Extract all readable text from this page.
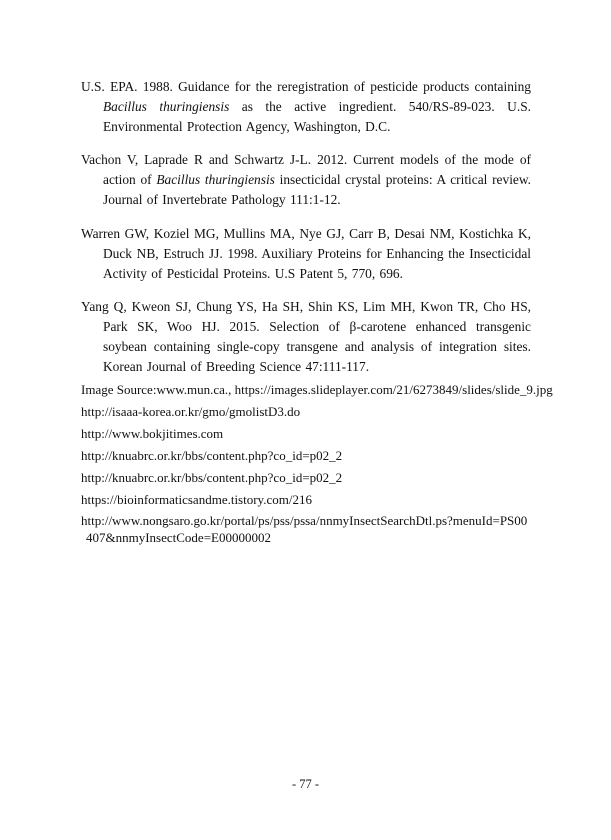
U.S. EPA. 1988. Guidance for the reregistration of pesticide products containing Bacillus thuringiensis as the active ingredient. 540/RS-89-023. U.S. Environmental Protection Agency, Washington, D.C.

Vachon V, Laprade R and Schwartz J-L. 2012. Current models of the mode of action of Bacillus thuringiensis insecticidal crystal proteins: A critical review. Journal of Invertebrate Pathology 111:1-12.

Warren GW, Koziel MG, Mullins MA, Nye GJ, Carr B, Desai NM, Kostichka K, Duck NB, Estruch JJ. 1998. Auxiliary Proteins for Enhancing the Insecticidal Activity of Pesticidal Proteins. U.S Patent 5, 770, 696.

Yang Q, Kweon SJ, Chung YS, Ha SH, Shin KS, Lim MH, Kwon TR, Cho HS, Park SK, Woo HJ. 2015. Selection of β-carotene enhanced transgenic soybean containing single-copy transgene and analysis of integration sites. Korean Journal of Breeding Science 47:111-117.

Image Source:www.mun.ca., https://images.slideplayer.com/21/6273849/slides/slide_9.jpg
http://isaaa-korea.or.kr/gmo/gmolistD3.do
http://www.bokjitimes.com
http://knuabrc.or.kr/bbs/content.php?co_id=p02_2
http://knuabrc.or.kr/bbs/content.php?co_id=p02_2
https://bioinformaticsandme.tistory.com/216
http://www.nongsaro.go.kr/portal/ps/pss/pssa/nnmyInsectSearchDtl.ps?menuId=PS00407&nnmyInsectCode=E00000002
- 77 -
